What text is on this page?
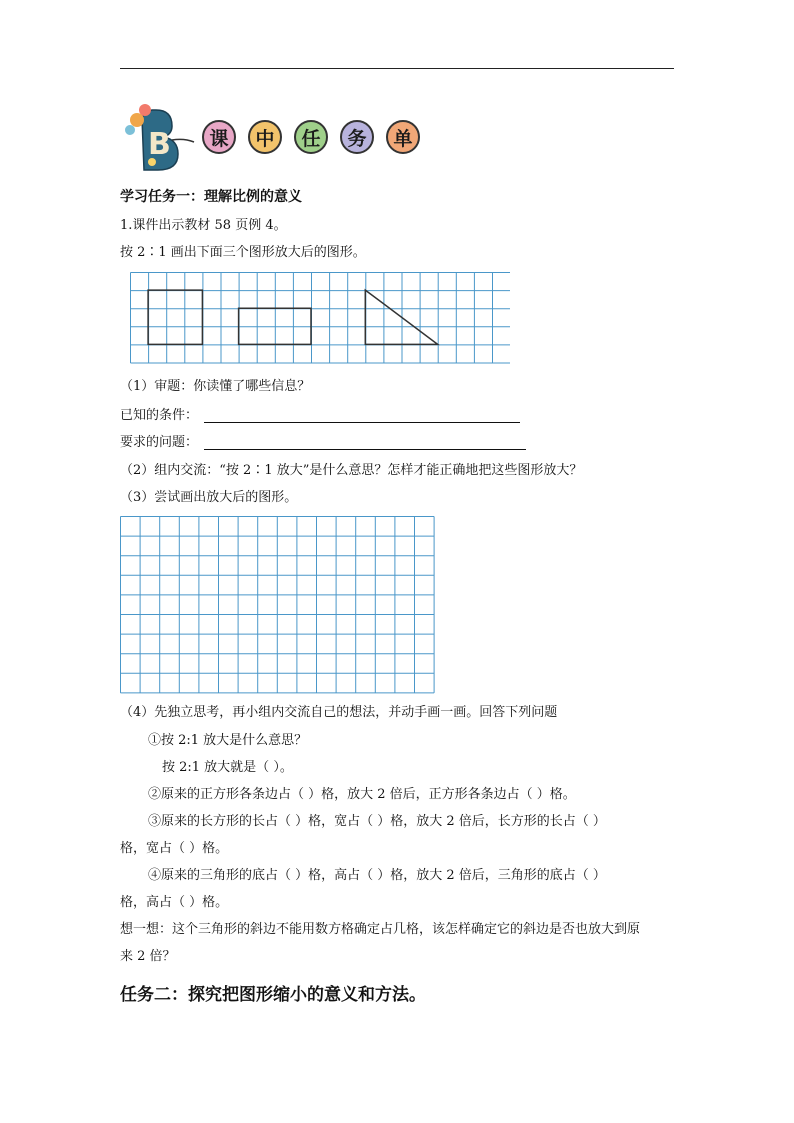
B	课	中	任	务	单
学习任务一：理解比例的意义
1.课件出示教材 58 页例 4。
按 2∶1 画出下面三个图形放大后的图形。
（1）审题：你读懂了哪些信息？
已知的条件：
要求的问题：
（2）组内交流：“按 2∶1 放大”是什么意思？怎样才能正确地把这些图形放大？
（3）尝试画出放大后的图形。
（4）先独立思考，再小组内交流自己的想法，并动手画一画。回答下列问题
①按 2:1 放大是什么意思？
按 2:1 放大就是（ ）。
②原来的正方形各条边占（ ）格，放大 2 倍后，正方形各条边占（ ）格。
③原来的长方形的长占（ ）格，宽占（ ）格，放大 2 倍后，长方形的长占（ ）
格，宽占（ ）格。
④原来的三角形的底占（ ）格，高占（ ）格，放大 2 倍后，三角形的底占（ ）
格，高占（ ）格。
想一想：这个三角形的斜边不能用数方格确定占几格，该怎样确定它的斜边是否也放大到原
来 2 倍？
任务二：探究把图形缩小的意义和方法。
